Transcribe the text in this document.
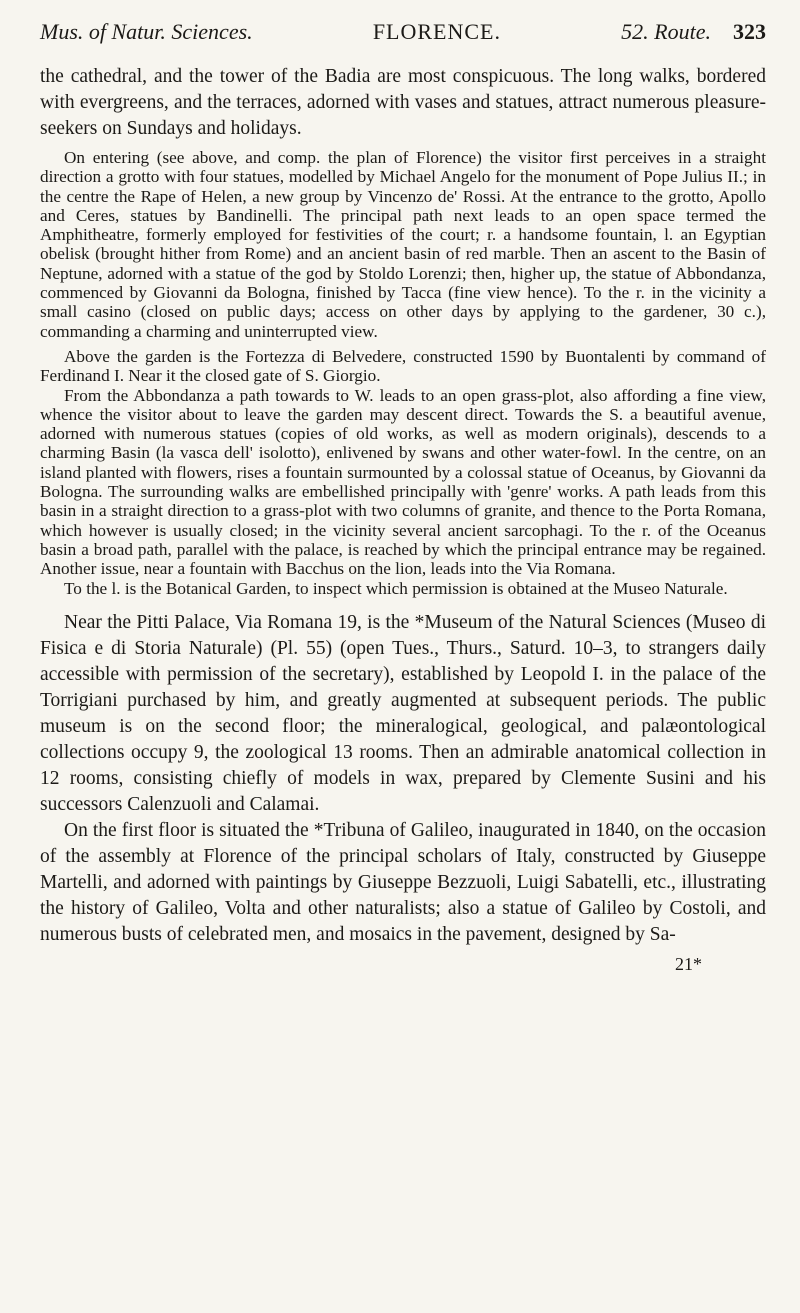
Mus. of Natur. Sciences.	FLORENCE.	52. Route. 323

the cathedral, and the tower of the Badia are most conspicuous. The long walks, bordered with evergreens, and the terraces, adorned with vases and statues, attract numerous pleasure-seekers on Sundays and holidays.

On entering (see above, and comp. the plan of Florence) the visitor first perceives in a straight direction a grotto with four statues, modelled by Michael Angelo for the monument of Pope Julius II.; in the centre the Rape of Helen, a new group by Vincenzo de' Rossi. At the entrance to the grotto, Apollo and Ceres, statues by Bandinelli. The principal path next leads to an open space termed the Amphitheatre, formerly employed for festivities of the court; r. a handsome fountain, l. an Egyptian obelisk (brought hither from Rome) and an ancient basin of red marble. Then an ascent to the Basin of Neptune, adorned with a statue of the god by Stoldo Lorenzi; then, higher up, the statue of Abbondanza, commenced by Giovanni da Bologna, finished by Tacca (fine view hence). To the r. in the vicinity a small casino (closed on public days; access on other days by applying to the gardener, 30 c.), commanding a charming and uninterrupted view.

Above the garden is the Fortezza di Belvedere, constructed 1590 by Buontalenti by command of Ferdinand I. Near it the closed gate of S. Giorgio.

From the Abbondanza a path towards to W. leads to an open grass-plot, also affording a fine view, whence the visitor about to leave the garden may descent direct. Towards the S. a beautiful avenue, adorned with numerous statues (copies of old works, as well as modern originals), descends to a charming Basin (la vasca dell' isolotto), enlivened by swans and other water-fowl. In the centre, on an island planted with flowers, rises a fountain surmounted by a colossal statue of Oceanus, by Giovanni da Bologna. The surrounding walks are embellished principally with 'genre' works. A path leads from this basin in a straight direction to a grass-plot with two columns of granite, and thence to the Porta Romana, which however is usually closed; in the vicinity several ancient sarcophagi. To the r. of the Oceanus basin a broad path, parallel with the palace, is reached by which the principal entrance may be regained. Another issue, near a fountain with Bacchus on the lion, leads into the Via Romana.

To the l. is the Botanical Garden, to inspect which permission is obtained at the Museo Naturale.

Near the Pitti Palace, Via Romana 19, is the *Museum of the Natural Sciences (Museo di Fisica e di Storia Naturale) (Pl. 55) (open Tues., Thurs., Saturd. 10–3, to strangers daily accessible with permission of the secretary), established by Leopold I. in the palace of the Torrigiani purchased by him, and greatly augmented at subsequent periods. The public museum is on the second floor; the mineralogical, geological, and palæontological collections occupy 9, the zoological 13 rooms. Then an admirable anatomical collection in 12 rooms, consisting chiefly of models in wax, prepared by Clemente Susini and his successors Calenzuoli and Calamai.

On the first floor is situated the *Tribuna of Galileo, inaugurated in 1840, on the occasion of the assembly at Florence of the principal scholars of Italy, constructed by Giuseppe Martelli, and adorned with paintings by Giuseppe Bezzuoli, Luigi Sabatelli, etc., illustrating the history of Galileo, Volta and other naturalists; also a statue of Galileo by Costoli, and numerous busts of celebrated men, and mosaics in the pavement, designed by Sa-

21*
